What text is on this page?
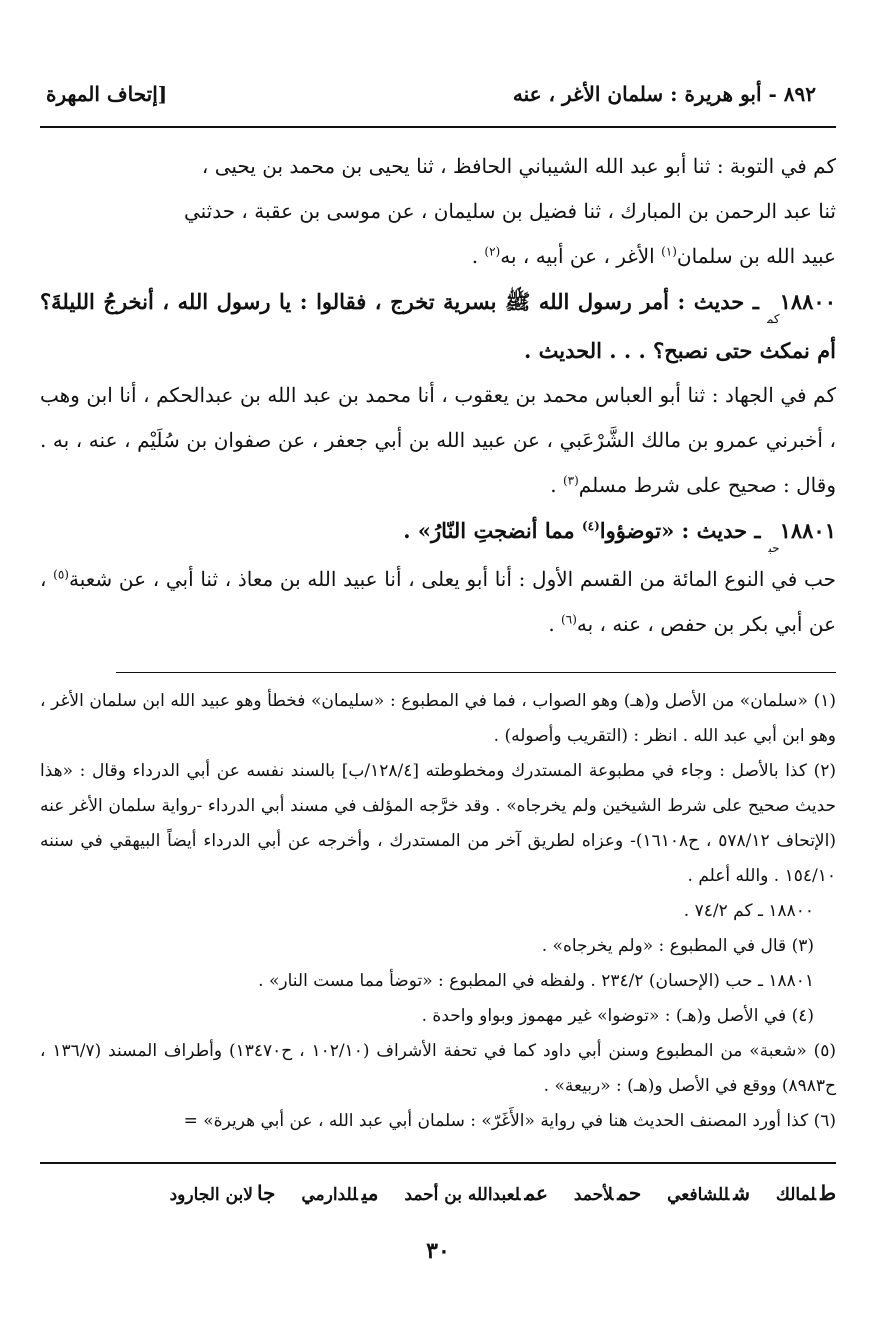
٨٩٢ - أبو هريرة : سلمان الأغر ، عنه
[إتحاف المهرة

كم في التوبة : ثنا أبو عبد الله الشيباني الحافظ ، ثنا يحيى بن محمد بن يحيى ،
ثنا عبد الرحمن بن المبارك ، ثنا فضيل بن سليمان ، عن موسى بن عقبة ، حدثني
عبيد الله بن سلمان$^{(١)}$ الأغر ، عن أبيه ، به$^{(٢)}$ .

$١٨٨٠٠_{كم}ـ$ حديث : أمر رسول الله ﷺ بسرية تخرج ، فقالوا : يا رسول الله ، أنخرجُ الليلةَ؟ أم نمكث حتى نصبح؟ . . . الحديث .

كم في الجهاد : ثنا أبو العباس محمد بن يعقوب ، أنا محمد بن عبد الله بن عبدالحكم ، أنا ابن وهب ، أخبرني عمرو بن مالك الشَّرْعَبي ، عن عبيد الله بن أبي جعفر ، عن صفوان بن سُلَيْم ، عنه ، به . وقال : صحيح على شرط مسلم$^{(٣)}$ .

$١٨٨٠١_{حب}ـ$ حديث : «توضؤوا$^{(٤)}$ مما أنضجتِ النّارُ» .

حب في النوع المائة من القسم الأول : أنا أبو يعلى ، أنا عبيد الله بن معاذ ، ثنا أبي ، عن شعبة$^{(٥)}$ ، عن أبي بكر بن حفص ، عنه ، به$^{(٦)}$ .

(١) «سلمان» من الأصل و(هـ) وهو الصواب ، فما في المطبوع : «سليمان» فخطأ وهو عبيد الله ابن سلمان الأغر ، وهو ابن أبي عبد الله . انظر : (التقريب وأصوله) .

(٢) كذا بالأصل : وجاء في مطبوعة المستدرك ومخطوطته [١٢٨/٤/ب] بالسند نفسه عن أبي الدرداء وقال : «هذا حديث صحيح على شرط الشيخين ولم يخرجاه» . وقد خرَّجه المؤلف في مسند أبي الدرداء -رواية سلمان الأغر عنه (الإتحاف ٥٧٨/١٢ ، ح١٦١٠٨)- وعزاه لطريق آخر من المستدرك ، وأخرجه عن أبي الدرداء أيضاً البيهقي في سننه ١٥٤/١٠ . والله أعلم .

١٨٨٠٠ ـ كم ٧٤/٢ .

(٣) قال في المطبوع : «ولم يخرجاه» .

١٨٨٠١ ـ حب (الإحسان) ٢٣٤/٢ . ولفظه في المطبوع : «توضأ مما مست النار» .

(٤) في الأصل و(هـ) : «توضوا» غير مهموز وبواو واحدة .

(٥) «شعبة» من المطبوع وسنن أبي داود كما في تحفة الأشراف (١٠٢/١٠ ، ح١٣٤٧٠) وأطراف المسند (١٣٦/٧ ، ح٨٩٨٣) ووقع في الأصل و(هـ) : «ربيعة» .

(٦) كذا أورد المصنف الحديث هنا في رواية «الأَغَرّ» : سلمان أبي عبد الله ، عن أبي هريرة» =

طلمالك شللشافعي حملأحمد عملعبدالله بن أحمد ميللدارمي جالابن الجارود
٣٠
